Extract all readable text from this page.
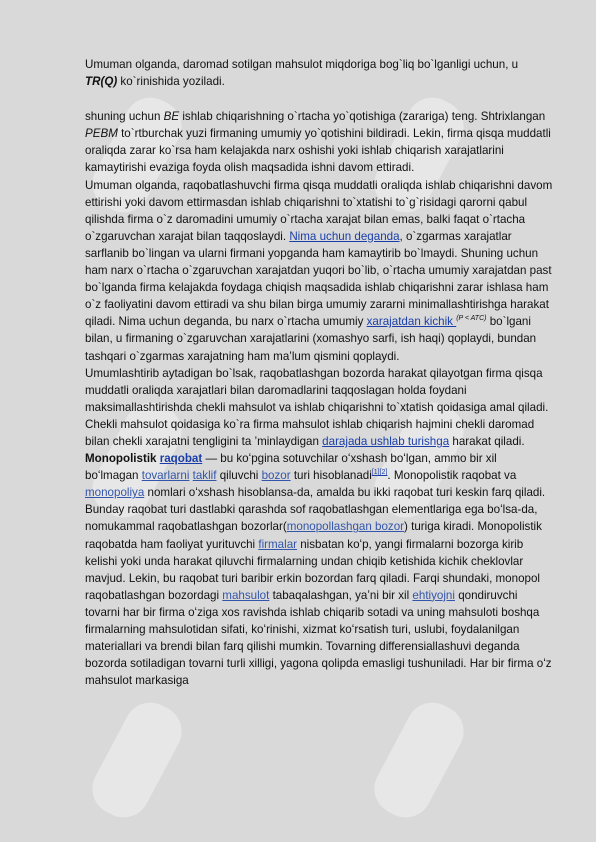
Umuman olganda, daromad sotilgan mahsulot miqdoriga bog`liq bo`lganligi uchun, u TR(Q) ko`rinishida yoziladi.

shuning uchun BE ishlab chiqarishning o`rtacha yo`qotishiga (zarariga) teng. Shtrixlangan PEBM to`rtburchak yuzi firmaning umumiy yo`qotishini bildiradi. Lekin, firma qisqa muddatli oraliqda zarar ko`rsa ham kelajakda narx oshishi yoki ishlab chiqarish xarajatlarini kamaytirishi evaziga foyda olish maqsadida ishni davom ettiradi.

Umuman olganda, raqobatlashuvchi firma qisqa muddatli oraliqda ishlab chiqarishni davom ettirishi yoki davom ettirmasdan ishlab chiqarishni to`xtatishi to`g`risidagi qarorni qabul qilishda firma o`z daromadini umumiy o`rtacha xarajat bilan emas, balki faqat o`rtacha o`zgaruvchan xarajat bilan taqqoslaydi. Nima uchun deganda, o`zgarmas xarajatlar sarflanib bo`lingan va ularni firmani yopganda ham kamaytirib bo`lmaydi. Shuning uchun ham narx o`rtacha o`zgaruvchan xarajatdan yuqori bo`lib, o`rtacha umumiy xarajatdan past bo`lganda firma kelajakda foydaga chiqish maqsadida ishlab chiqarishni zarar ishlasa ham o`z faoliyatini davom ettiradi va shu bilan birga umumiy zararni minimallashtirishga harakat qiladi. Nima uchun deganda, bu narx o`rtacha umumiy xarajatdan kichik $^{(P < ATC)}$ bo`lgani bilan, u firmaning o`zgaruvchan xarajatlarini (xomashyo sarfi, ish haqi) qoplaydi, bundan tashqari o`zgarmas xarajatning ham ma’lum qismini qoplaydi.

Umumlashtirib aytadigan bo`lsak, raqobatlashgan bozorda harakat qilayotgan firma qisqa muddatli oraliqda xarajatlari bilan daromadlarini taqqoslagan holda foydani maksimallashtirishda chekli mahsulot va ishlab chiqarishni to`xtatish qoidasiga amal qiladi. Chekli mahsulot qoidasiga ko`ra firma mahsulot ishlab chiqarish hajmini chekli daromad bilan chekli xarajatni tengligini ta ’minlaydigan darajada ushlab turishga harakat qiladi. Monopolistik raqobat — bu koʻpgina sotuvchilar oʻxshash boʻlgan, ammo bir xil boʻlmagan tovarlarni taklif qiluvchi bozor turi hisoblanadi[1][2]. Monopolistik raqobat va monopoliya nomlari oʻxshash hisoblansa-da, amalda bu ikki raqobat turi keskin farq qiladi. Bunday raqobat turi dastlabki qarashda sof raqobatlashgan elementlariga ega boʻlsa-da, nomukammal raqobatlashgan bozorlar(monopollashgan bozor) turiga kiradi. Monopolistik raqobatda ham faoliyat yurituvchi firmalar nisbatan koʻp, yangi firmalarni bozorga kirib kelishi yoki unda harakat qiluvchi firmalarning undan chiqib ketishida kichik cheklovlar mavjud. Lekin, bu raqobat turi baribir erkin bozordan farq qiladi. Farqi shundaki, monopol raqobatlashgan bozordagi mahsulot tabaqalashgan, yaʼni bir xil ehtiyojni qondiruvchi tovarni har bir firma oʻziga xos ravishda ishlab chiqarib sotadi va uning mahsuloti boshqa firmalarning mahsulotidan sifati, koʻrinishi, xizmat koʻrsatish turi, uslubi, foydalanilgan materiallari va brendi bilan farq qilishi mumkin. Tovarning differensiallashuvi deganda bozorda sotiladigan tovarni turli xilligi, yagona qolipda emasligi tushuniladi. Har bir firma oʻz mahsulot markasiga
